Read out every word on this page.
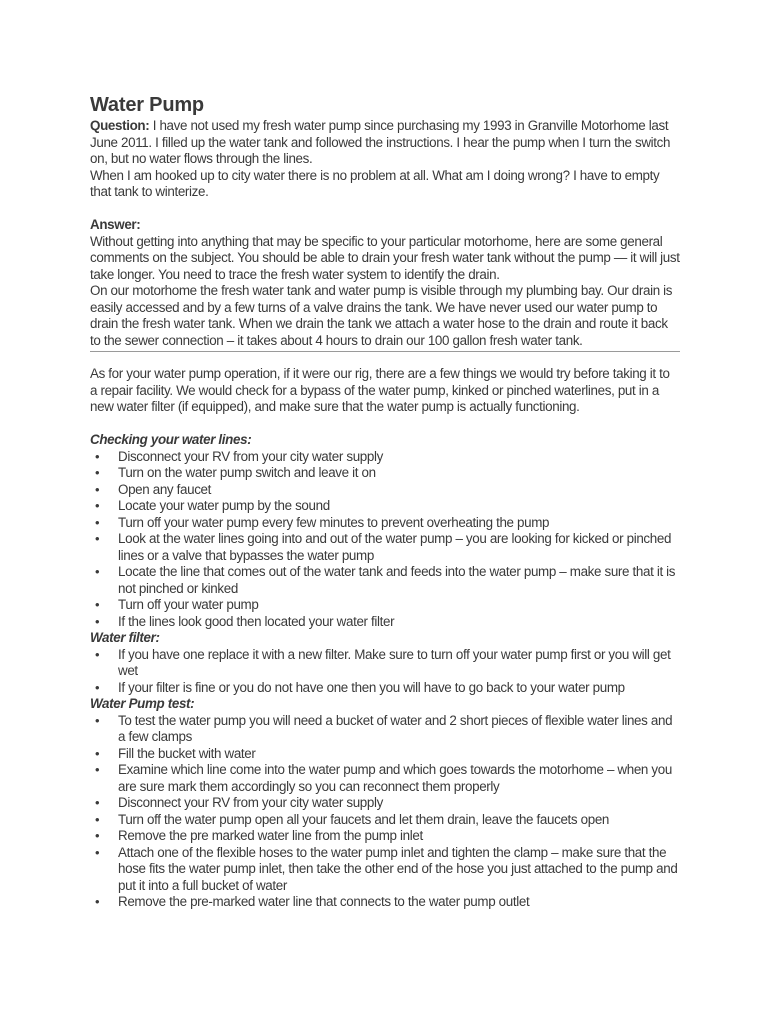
Water Pump

Question: I have not used my fresh water pump since purchasing my 1993 in Granville Motorhome last June 2011. I filled up the water tank and followed the instructions. I hear the pump when I turn the switch on, but no water flows through the lines.

When I am hooked up to city water there is no problem at all. What am I doing wrong? I have to empty that tank to winterize.

Answer:

Without getting into anything that may be specific to your particular motorhome, here are some general comments on the subject. You should be able to drain your fresh water tank without the pump — it will just take longer. You need to trace the fresh water system to identify the drain.

On our motorhome the fresh water tank and water pump is visible through my plumbing bay. Our drain is easily accessed and by a few turns of a valve drains the tank. We have never used our water pump to drain the fresh water tank. When we drain the tank we attach a water hose to the drain and route it back to the sewer connection – it takes about 4 hours to drain our 100 gallon fresh water tank.

As for your water pump operation, if it were our rig, there are a few things we would try before taking it to a repair facility. We would check for a bypass of the water pump, kinked or pinched waterlines, put in a new water filter (if equipped), and make sure that the water pump is actually functioning.

Checking your water lines:

• Disconnect your RV from your city water supply
• Turn on the water pump switch and leave it on
• Open any faucet
• Locate your water pump by the sound
• Turn off your water pump every few minutes to prevent overheating the pump
• Look at the water lines going into and out of the water pump – you are looking for kicked or pinched lines or a valve that bypasses the water pump
• Locate the line that comes out of the water tank and feeds into the water pump – make sure that it is not pinched or kinked
• Turn off your water pump
• If the lines look good then located your water filter

Water filter:

• If you have one replace it with a new filter. Make sure to turn off your water pump first or you will get wet
• If your filter is fine or you do not have one then you will have to go back to your water pump

Water Pump test:

• To test the water pump you will need a bucket of water and 2 short pieces of flexible water lines and a few clamps
• Fill the bucket with water
• Examine which line come into the water pump and which goes towards the motorhome – when you are sure mark them accordingly so you can reconnect them properly
• Disconnect your RV from your city water supply
• Turn off the water pump open all your faucets and let them drain, leave the faucets open
• Remove the pre marked water line from the pump inlet
• Attach one of the flexible hoses to the water pump inlet and tighten the clamp – make sure that the hose fits the water pump inlet, then take the other end of the hose you just attached to the pump and put it into a full bucket of water
• Remove the pre-marked water line that connects to the water pump outlet
